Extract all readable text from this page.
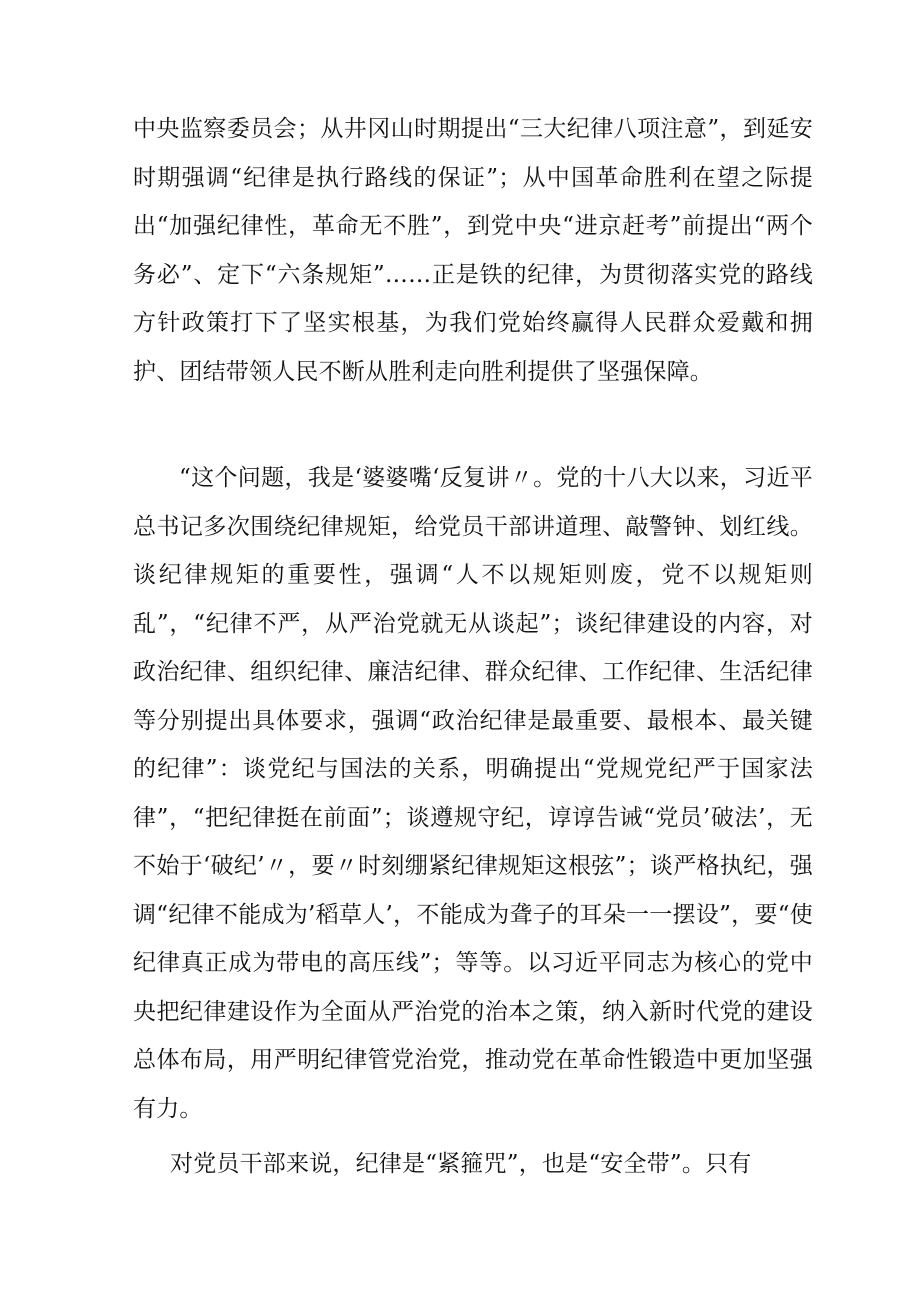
中央监察委员会；从井冈山时期提出“三大纪律八项注意”，到延安时期强调“纪律是执行路线的保证”；从中国革命胜利在望之际提出“加强纪律性，革命无不胜”，到党中央“进京赶考”前提出“两个务必”、定下“六条规矩”……正是铁的纪律，为贯彻落实党的路线方针政策打下了坚实根基，为我们党始终赢得人民群众爱戴和拥护、团结带领人民不断从胜利走向胜利提供了坚强保障。

“这个问题，我是‘婆婆嘴‘反复讲〃。党的十八大以来，习近平总书记多次围绕纪律规矩，给党员干部讲道理、敲警钟、划红线。谈纪律规矩的重要性，强调“人不以规矩则废，党不以规矩则乱”，“纪律不严，从严治党就无从谈起”；谈纪律建设的内容，对政治纪律、组织纪律、廉洁纪律、群众纪律、工作纪律、生活纪律等分别提出具体要求，强调“政治纪律是最重要、最根本、最关键的纪律”：谈党纪与国法的关系，明确提出“党规党纪严于国家法律”，“把纪律挺在前面”；谈遵规守纪，谆谆告诫“党员’破法’，无不始于‘破纪’〃，要〃时刻绷紧纪律规矩这根弦”；谈严格执纪，强调“纪律不能成为’稻草人’，不能成为聋子的耳朵一一摆设”，要“使纪律真正成为带电的高压线”；等等。以习近平同志为核心的党中央把纪律建设作为全面从严治党的治本之策，纳入新时代党的建设总体布局，用严明纪律管党治党，推动党在革命性锻造中更加坚强有力。

对党员干部来说，纪律是“紧箍咒”，也是“安全带”。只有
